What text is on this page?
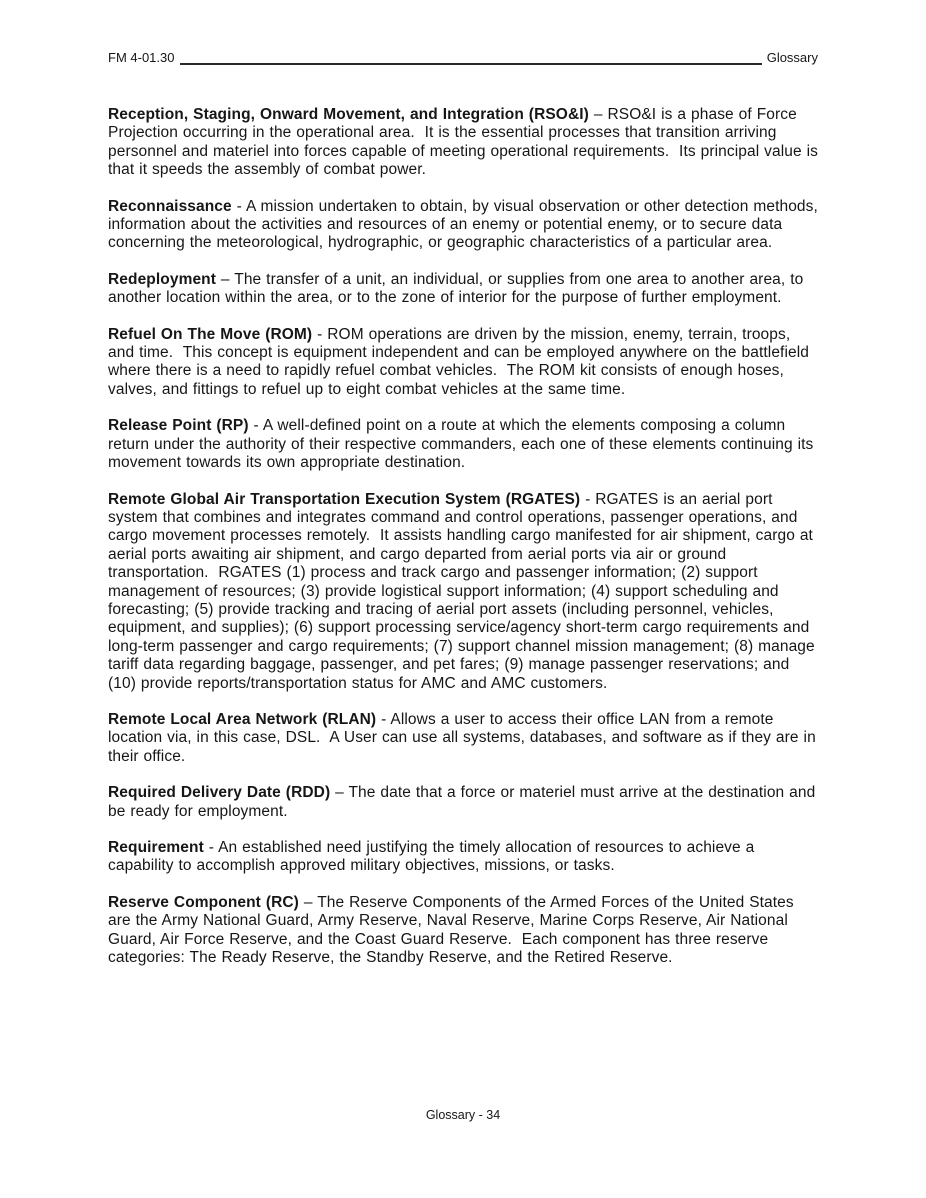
FM 4-01.30	Glossary

Reception, Staging, Onward Movement, and Integration (RSO&I) – RSO&I is a phase of Force Projection occurring in the operational area.  It is the essential processes that transition arriving personnel and materiel into forces capable of meeting operational requirements.  Its principal value is that it speeds the assembly of combat power.

Reconnaissance - A mission undertaken to obtain, by visual observation or other detection methods, information about the activities and resources of an enemy or potential enemy, or to secure data concerning the meteorological, hydrographic, or geographic characteristics of a particular area.

Redeployment – The transfer of a unit, an individual, or supplies from one area to another area, to another location within the area, or to the zone of interior for the purpose of further employment.

Refuel On The Move (ROM) - ROM operations are driven by the mission, enemy, terrain, troops, and time.  This concept is equipment independent and can be employed anywhere on the battlefield where there is a need to rapidly refuel combat vehicles.  The ROM kit consists of enough hoses, valves, and fittings to refuel up to eight combat vehicles at the same time.

Release Point (RP) - A well-defined point on a route at which the elements composing a column return under the authority of their respective commanders, each one of these elements continuing its movement towards its own appropriate destination.

Remote Global Air Transportation Execution System (RGATES) - RGATES is an aerial port system that combines and integrates command and control operations, passenger operations, and cargo movement processes remotely.  It assists handling cargo manifested for air shipment, cargo at aerial ports awaiting air shipment, and cargo departed from aerial ports via air or ground transportation.  RGATES (1) process and track cargo and passenger information; (2) support management of resources; (3) provide logistical support information; (4) support scheduling and forecasting; (5) provide tracking and tracing of aerial port assets (including personnel, vehicles, equipment, and supplies); (6) support processing service/agency short-term cargo requirements and long-term passenger and cargo requirements; (7) support channel mission management; (8) manage tariff data regarding baggage, passenger, and pet fares; (9) manage passenger reservations; and (10) provide reports/transportation status for AMC and AMC customers.

Remote Local Area Network (RLAN) - Allows a user to access their office LAN from a remote location via, in this case, DSL.  A User can use all systems, databases, and software as if they are in their office.

Required Delivery Date (RDD) – The date that a force or materiel must arrive at the destination and be ready for employment.

Requirement - An established need justifying the timely allocation of resources to achieve a capability to accomplish approved military objectives, missions, or tasks.

Reserve Component (RC) – The Reserve Components of the Armed Forces of the United States are the Army National Guard, Army Reserve, Naval Reserve, Marine Corps Reserve, Air National Guard, Air Force Reserve, and the Coast Guard Reserve.  Each component has three reserve categories: The Ready Reserve, the Standby Reserve, and the Retired Reserve.

Glossary - 34
